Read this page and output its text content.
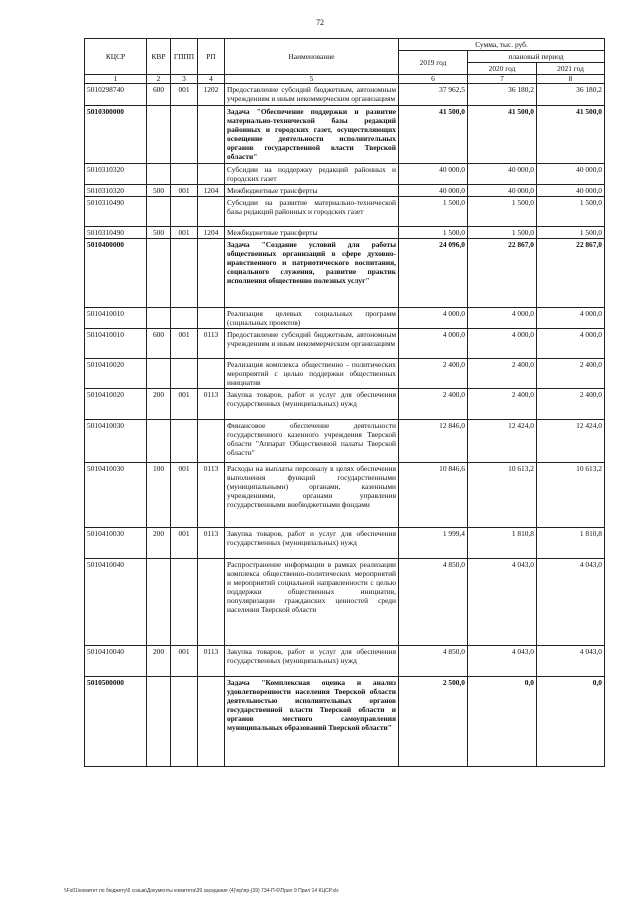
72
КЦСР	КВР	ГППП	РП	Наименование	Сумма, тыс. руб.		
					2019 год	плановый период	
						2020 год	2021 год
1	2	3	4	5	6	7	8
5010298740	600	001	1202	Предоставление субсидий бюджетным, автономным учреждениям и иным некоммерческим организациям	37 962,5	36 180,2	36 180,2
5010300000				Задача "Обеспечение поддержки и развитие материально-технической базы редакций районных и городских газет, осуществляющих освещение деятельности исполнительных органов государственной власти Тверской области"	41 500,0	41 500,0	41 500,0
5010310320				Субсидии на поддержку редакций районных и городских газет	40 000,0	40 000,0	40 000,0
5010310320	500	001	1204	Межбюджетные трансферты	40 000,0	40 000,0	40 000,0
5010310490				Субсидии на развитие материально-технической базы редакций районных и городских газет	1 500,0	1 500,0	1 500,0
5010310490	500	001	1204	Межбюджетные трансферты	1 500,0	1 500,0	1 500,0
5010400000				Задача "Создание условий для работы общественных организаций в сфере духовно-нравственного и патриотического воспитания, социального служения, развитие практик исполнения общественно полезных услуг"	24 096,0	22 867,0	22 867,0
5010410010				Реализация целевых социальных программ (социальных проектов)	4 000,0	4 000,0	4 000,0
5010410010	600	001	0113	Предоставление субсидий бюджетным, автономным учреждениям и иным некоммерческим организациям	4 000,0	4 000,0	4 000,0
5010410020				Реализация комплекса общественно - политических мероприятий с целью поддержки общественных инициатив	2 400,0	2 400,0	2 400,0
5010410020	200	001	0113	Закупка товаров, работ и услуг для обеспечения государственных (муниципальных) нужд	2 400,0	2 400,0	2 400,0
5010410030				Финансовое обеспечение деятельности государственного казенного учреждения Тверской области "Аппарат Общественной палаты Тверской области"	12 846,0	12 424,0	12 424,0
5010410030	100	001	0113	Расходы на выплаты персоналу в целях обеспечения выполнения функций государственными (муниципальными) органами, казенными учреждениями, органами управления государственными внебюджетными фондами	10 846,6	10 613,2	10 613,2
5010410030	200	001	0113	Закупка товаров, работ и услуг для обеспечения государственных (муниципальных) нужд	1 999,4	1 810,8	1 810,8
5010410040				Распространение информации в рамках реализации комплекса общественно-политических мероприятий и мероприятий социальной направленности с целью поддержки общественных инициатив, популяризации гражданских ценностей среди населения Тверской области	4 850,0	4 043,0	4 043,0
5010410040	200	001	0113	Закупка товаров, работ и услуг для обеспечения государственных (муниципальных) нужд	4 850,0	4 043,0	4 043,0
5010500000				Задача "Комплексная оценка и анализ удовлетворенности населения Тверской области деятельностью исполнительных органов государственной власти Тверской области и органов местного самоуправления муниципальных образований Тверской области"	2 500,0	0,0	0,0
\\Fs01\комитет по бюджету\6 созыв\Документы комитета\39 заседание (4)\пр\пр-(39) 734-П-6\Прил 9 Прил 14 КЦСР.xls
